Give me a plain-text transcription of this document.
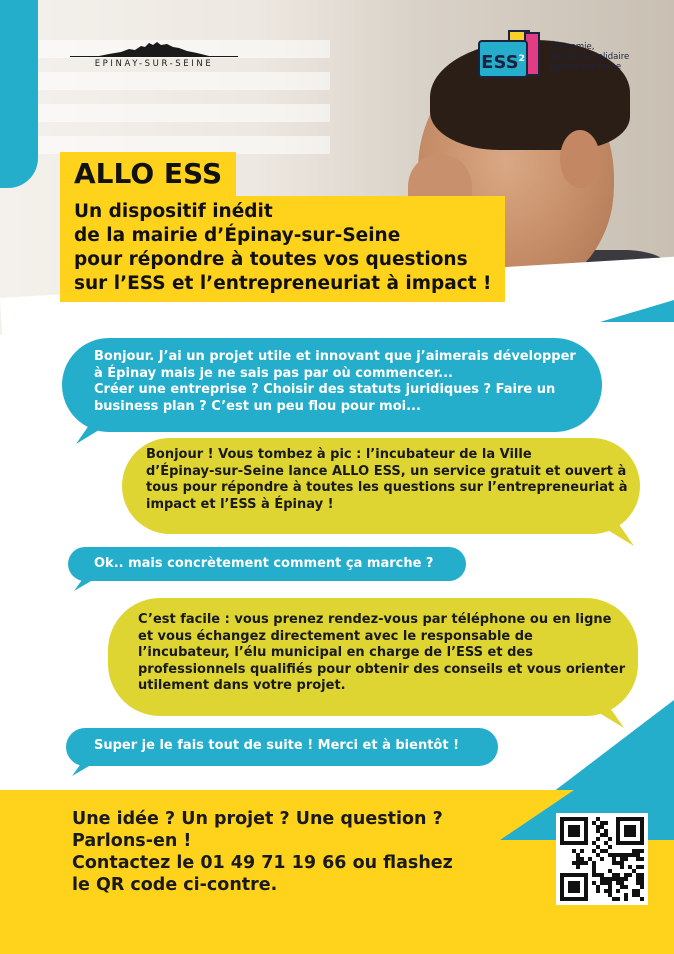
EPINAY-SUR-SEINE	ESS$^2$
Économie,
Sociale & Solidaire
Épinay-sur-Seine
ALLO ESS
Un dispositif inédit
de la mairie d’Épinay-sur-Seine
pour répondre à toutes vos questions
sur l’ESS et l’entrepreneuriat à impact !

Bonjour. J’ai un projet utile et innovant que j’aimerais développer

à Épinay mais je ne sais pas par où commencer...

Créer une entreprise ? Choisir des statuts juridiques ? Faire un

business plan ? C’est un peu flou pour moi...

Bonjour ! Vous tombez à pic : l’incubateur de la Ville

d’Épinay-sur-Seine lance ALLO ESS, un service gratuit et ouvert à

tous pour répondre à toutes les questions sur l’entrepreneuriat à

impact et l’ESS à Épinay !

Ok.. mais concrètement comment ça marche ?

C’est facile : vous prenez rendez-vous par téléphone ou en ligne

et vous échangez directement avec le responsable de

l’incubateur, l’élu municipal en charge de l’ESS et des

professionnels qualifiés pour obtenir des conseils et vous orienter

utilement dans votre projet.

Super je le fais tout de suite ! Merci et à bientôt !

Une idée ? Un projet ? Une question ?
Parlons-en !
Contactez le 01 49 71 19 66 ou flashez
le QR code ci-contre.
